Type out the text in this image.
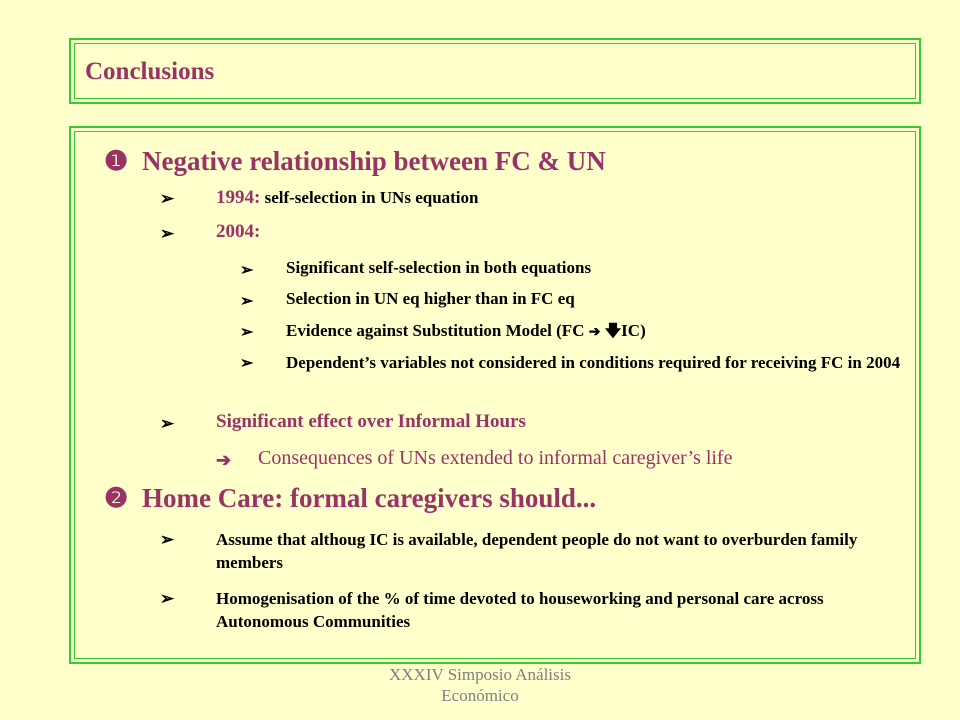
Conclusions
❶ Negative relationship between FC & UN
➢ 1994: self-selection in UNs equation
➢ 2004:
➢ Significant self-selection in both equations
➢ Selection in UN eq higher than in FC eq
➢ Evidence against Substitution Model (FC ➔ 🡇IC)
➢ Dependent’s variables not considered in conditions required for receiving FC in 2004
➢ Significant effect over Informal Hours
➔ Consequences of UNs extended to informal caregiver’s life
❷ Home Care: formal caregivers should...
➢ Assume that althoug IC is available, dependent people do not want to overburden family members
➢ Homogenisation of the % of time devoted to houseworking and personal care across Autonomous Communities
XXXIV Simposio Análisis
Económico
